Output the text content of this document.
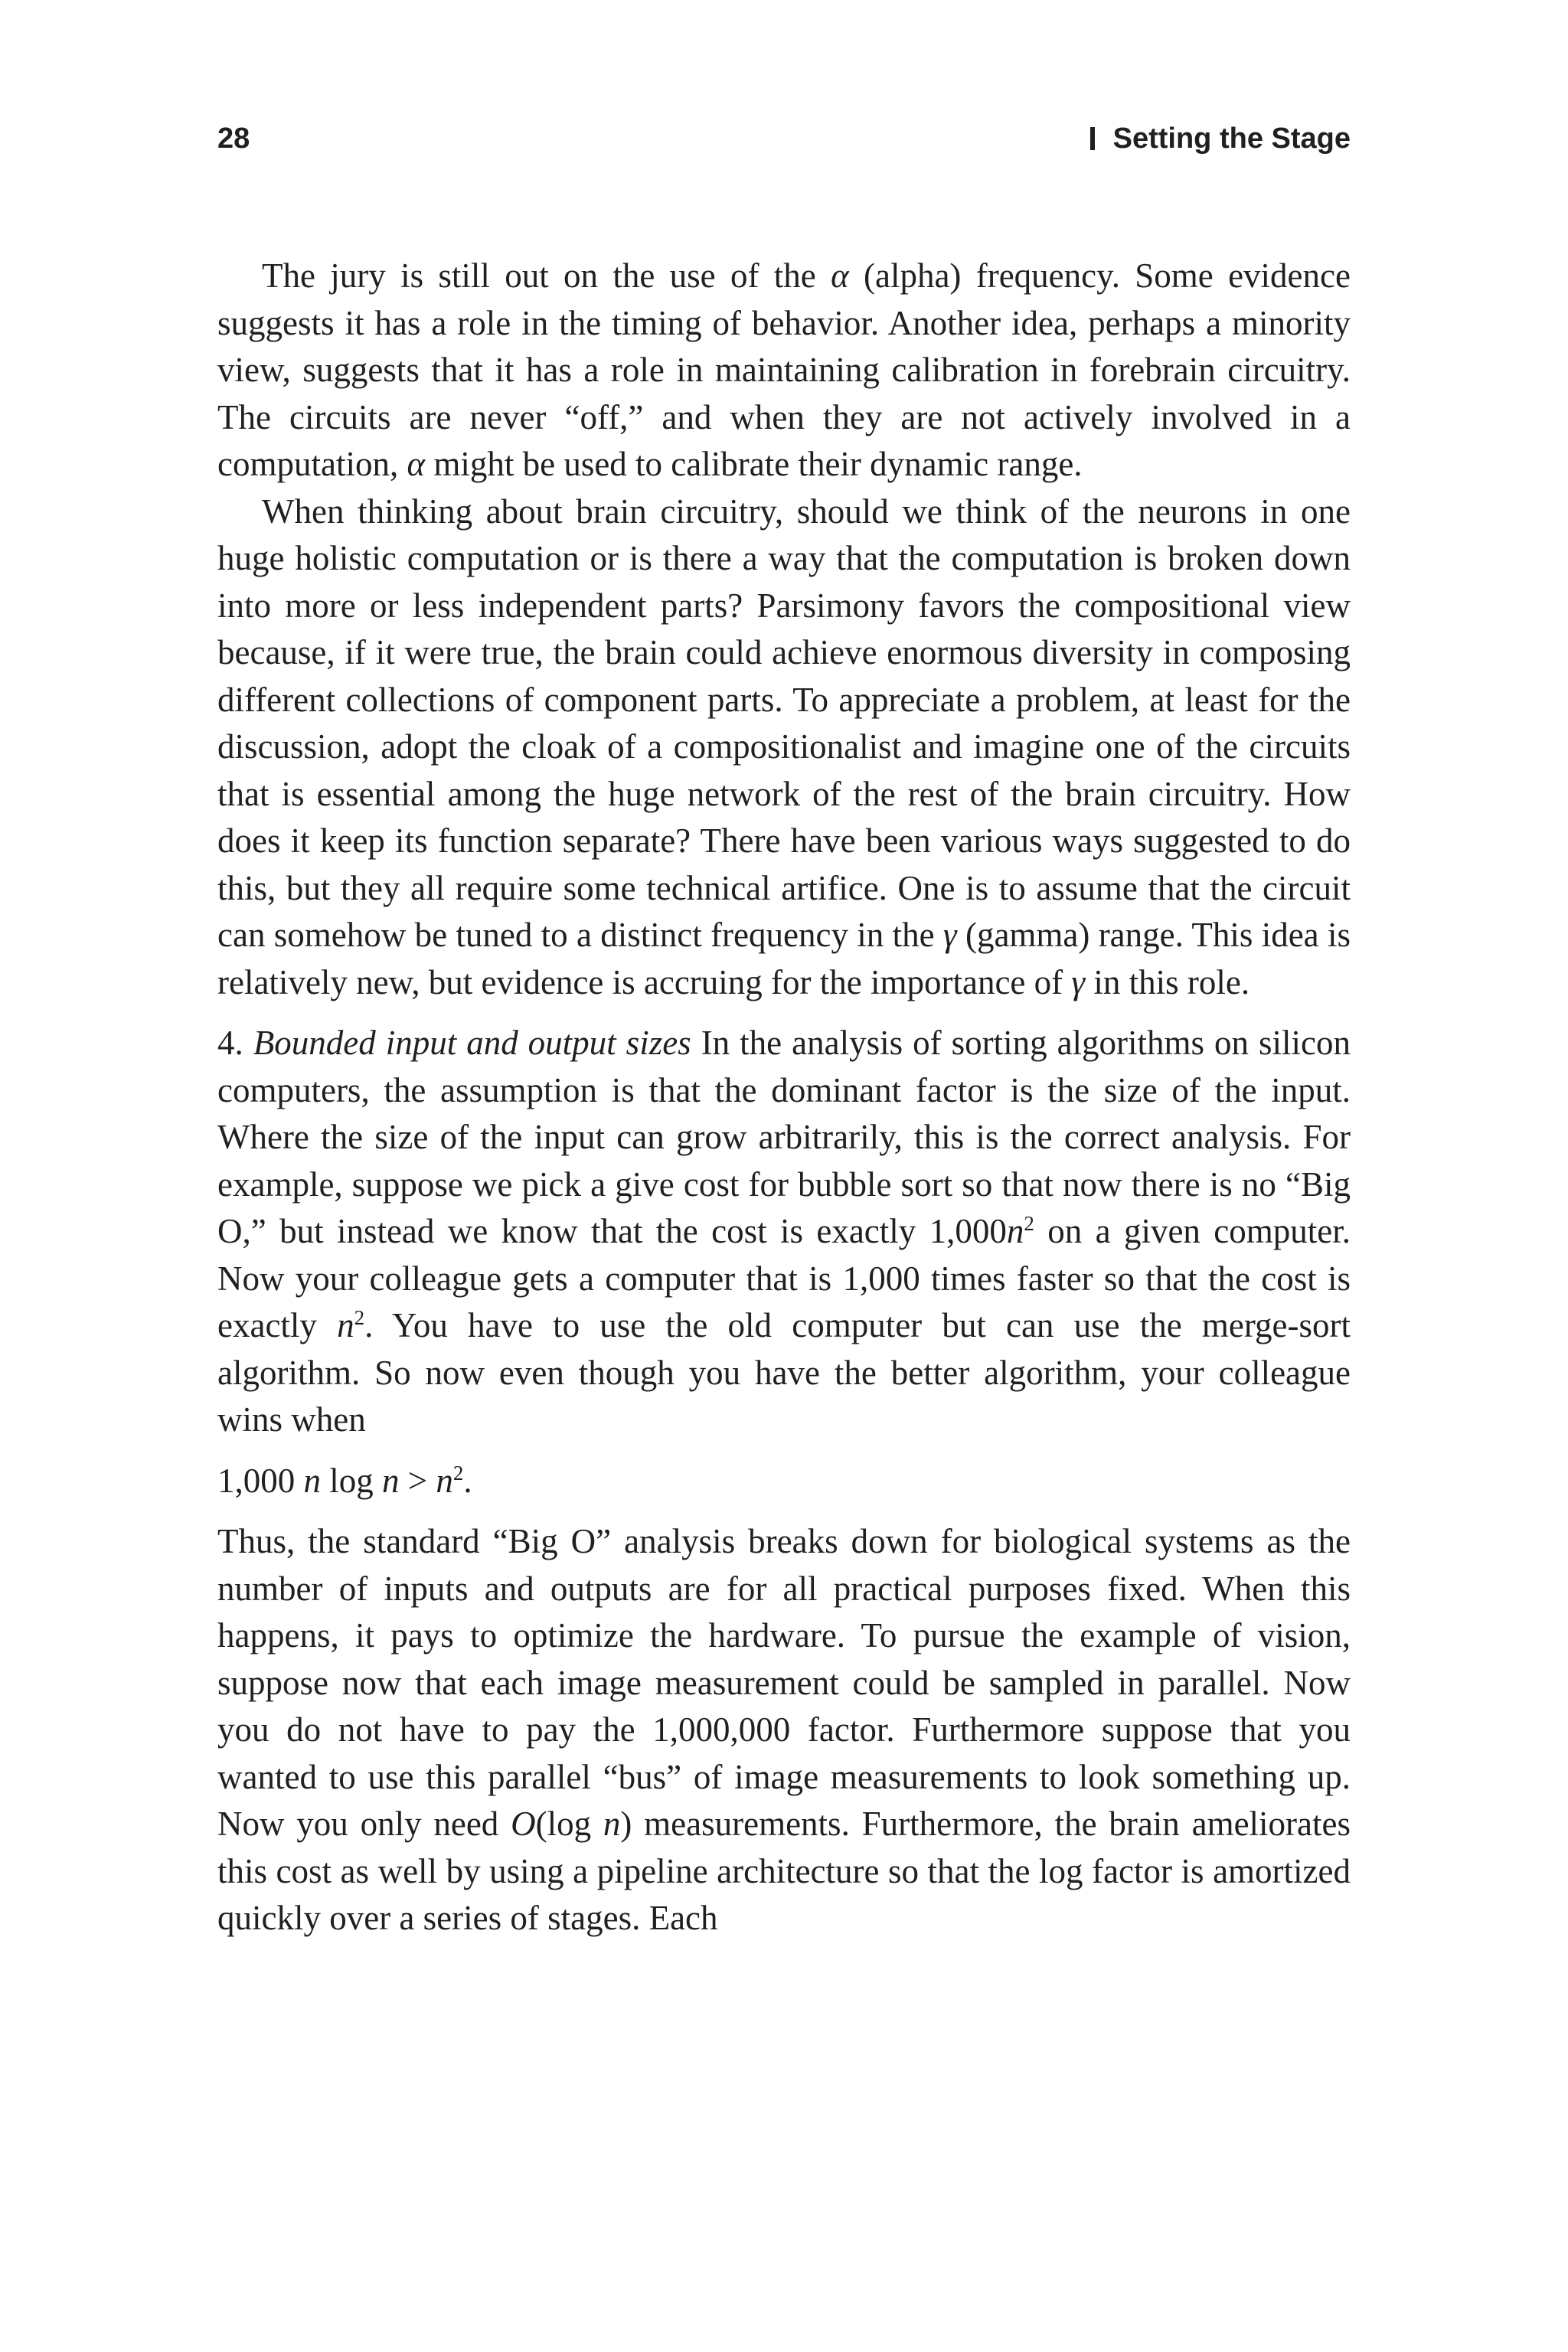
28	Setting the Stage

The jury is still out on the use of the α (alpha) frequency. Some evidence suggests it has a role in the timing of behavior. Another idea, perhaps a minority view, suggests that it has a role in maintaining calibration in forebrain circuitry. The circuits are never “off,” and when they are not actively involved in a computation, α might be used to calibrate their dynamic range.

When thinking about brain circuitry, should we think of the neurons in one huge holistic computation or is there a way that the computation is broken down into more or less independent parts? Parsimony favors the compositional view because, if it were true, the brain could achieve enormous diversity in composing different collections of component parts. To appreciate a problem, at least for the discussion, adopt the cloak of a compositionalist and imagine one of the circuits that is essential among the huge network of the rest of the brain circuitry. How does it keep its function separate? There have been various ways suggested to do this, but they all require some technical artifice. One is to assume that the circuit can somehow be tuned to a distinct frequency in the γ (gamma) range. This idea is relatively new, but evidence is accruing for the importance of γ in this role.

4. Bounded input and output sizes In the analysis of sorting algorithms on silicon computers, the assumption is that the dominant factor is the size of the input. Where the size of the input can grow arbitrarily, this is the correct analysis. For example, suppose we pick a give cost for bubble sort so that now there is no “Big O,” but instead we know that the cost is exactly $1,000n^2$ on a given computer. Now your colleague gets a computer that is 1,000 times faster so that the cost is exactly $n^2$. You have to use the old computer but can use the merge-sort algorithm. So now even though you have the better algorithm, your colleague wins when

1,000 n $\log n > n^2$.

Thus, the standard “Big O” analysis breaks down for biological systems as the number of inputs and outputs are for all practical purposes fixed. When this happens, it pays to optimize the hardware. To pursue the example of vision, suppose now that each image measurement could be sampled in parallel. Now you do not have to pay the 1,000,000 factor. Furthermore suppose that you wanted to use this parallel “bus” of image measurements to look something up. Now you only need O(log n) measurements. Furthermore, the brain ameliorates this cost as well by using a pipeline architecture so that the log factor is amortized quickly over a series of stages. Each
